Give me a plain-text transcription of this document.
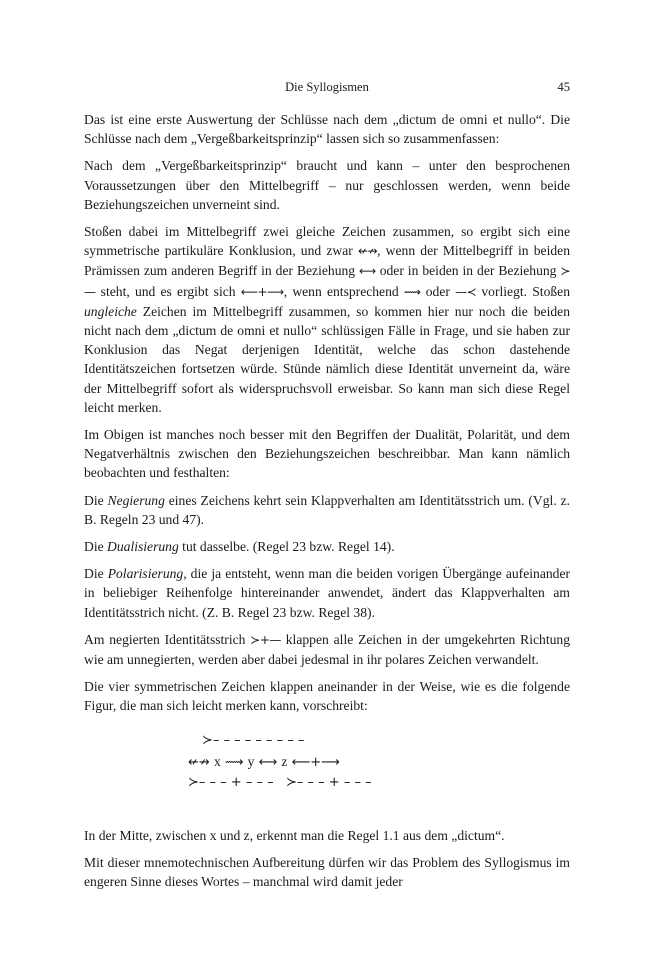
Die Syllogismen	45

Das ist eine erste Auswertung der Schlüsse nach dem „dictum de omni et nullo“. Die Schlüsse nach dem „Vergeßbarkeitsprinzip“ lassen sich so zusammenfassen:

Nach dem „Vergeßbarkeitsprinzip“ braucht und kann – unter den besprochenen Voraussetzungen über den Mittelbegriff – nur geschlossen werden, wenn beide Beziehungszeichen unverneint sind.

Stoßen dabei im Mittelbegriff zwei gleiche Zeichen zusammen, so ergibt sich eine symmetrische partikuläre Konklusion, und zwar ↚↛, wenn der Mittelbegriff in beiden Prämissen zum anderen Begriff in der Beziehung ⟷ oder in beiden in der Beziehung ≻— steht, und es ergibt sich ⟵+⟶, wenn entsprechend ⟿ oder —≺ vorliegt. Stoßen ungleiche Zeichen im Mittelbegriff zusammen, so kommen hier nur noch die beiden nicht nach dem „dictum de omni et nullo“ schlüssigen Fälle in Frage, und sie haben zur Konklusion das Negat derjenigen Identität, welche das schon dastehende Identitätszeichen fortsetzen würde. Stünde nämlich diese Identität unverneint da, wäre der Mittelbegriff sofort als widerspruchsvoll erweisbar. So kann man sich diese Regel leicht merken.

Im Obigen ist manches noch besser mit den Begriffen der Dualität, Polarität, und dem Negatverhältnis zwischen den Beziehungszeichen beschreibbar. Man kann nämlich beobachten und festhalten:

Die Negierung eines Zeichens kehrt sein Klappverhalten am Identitätsstrich um. (Vgl. z. B. Regeln 23 und 47).

Die Dualisierung tut dasselbe. (Regel 23 bzw. Regel 14).

Die Polarisierung, die ja entsteht, wenn man die beiden vorigen Übergänge aufeinander in beliebiger Reihenfolge hintereinander anwendet, ändert das Klappverhalten am Identitätsstrich nicht. (Z. B. Regel 23 bzw. Regel 38).

Am negierten Identitätsstrich ≻+— klappen alle Zeichen in der umgekehrten Richtung wie am unnegierten, werden aber dabei jedesmal in ihr polares Zeichen verwandelt.

Die vier symmetrischen Zeichen klappen aneinander in der Weise, wie es die folgende Figur, die man sich leicht merken kann, vorschreibt:

≻– – – – – – – – –
↚↛ x ⟿ y ⟷ z ⟵+⟶
≻– – – + – – – ≻– – – + – – –

In der Mitte, zwischen x und z, erkennt man die Regel 1.1 aus dem „dictum“.

Mit dieser mnemotechnischen Aufbereitung dürfen wir das Problem des Syllogismus im engeren Sinne dieses Wortes – manchmal wird damit jeder
